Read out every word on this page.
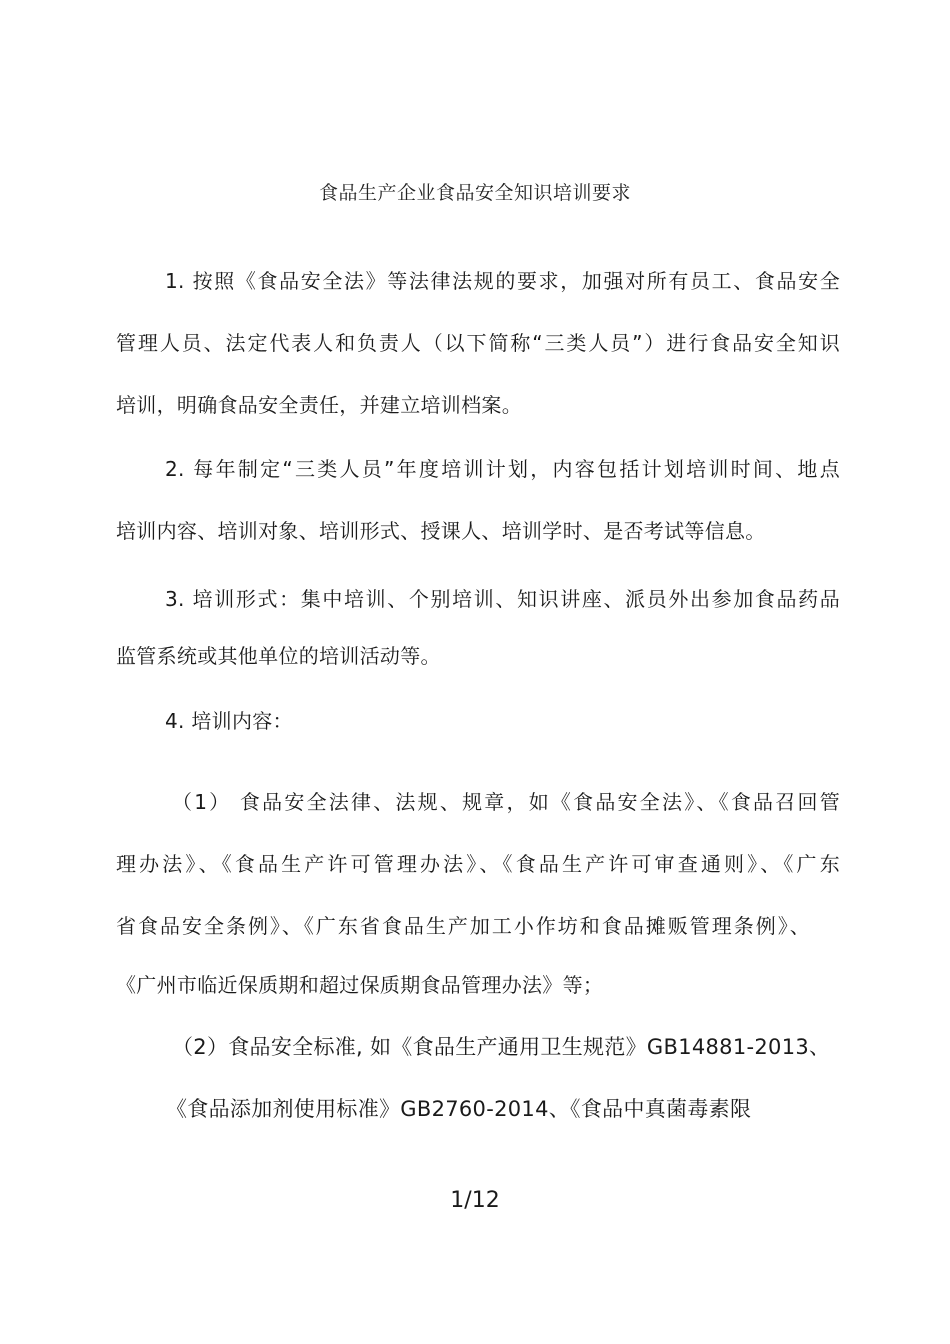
食品生产企业食品安全知识培训要求
1. 按照《食品安全法》等法律法规的要求，加强对所有员工、食品安全
管理人员、法定代表人和负责人（以下简称“三类人员”）进行食品安全知识
培训，明确食品安全责任，并建立培训档案。
2. 每年制定“三类人员”年度培训计划，内容包括计划培训时间、地点
培训内容、培训对象、培训形式、授课人、培训学时、是否考试等信息。
3. 培训形式：集中培训、个别培训、知识讲座、派员外出参加食品药品
监管系统或其他单位的培训活动等。
4. 培训内容：
（1） 食品安全法律、法规、规章，如《食品安全法》、《食品召回管
理办法》、《食品生产许可管理办法》、《食品生产许可审查通则》、《广东
省食品安全条例》、《广东省食品生产加工小作坊和食品摊贩管理条例》、
《广州市临近保质期和超过保质期食品管理办法》等；
（2）食品安全标准, 如《食品生产通用卫生规范》GB14881-2013、
《食品添加剂使用标准》GB2760-2014、《食品中真菌毒素限
1/12
